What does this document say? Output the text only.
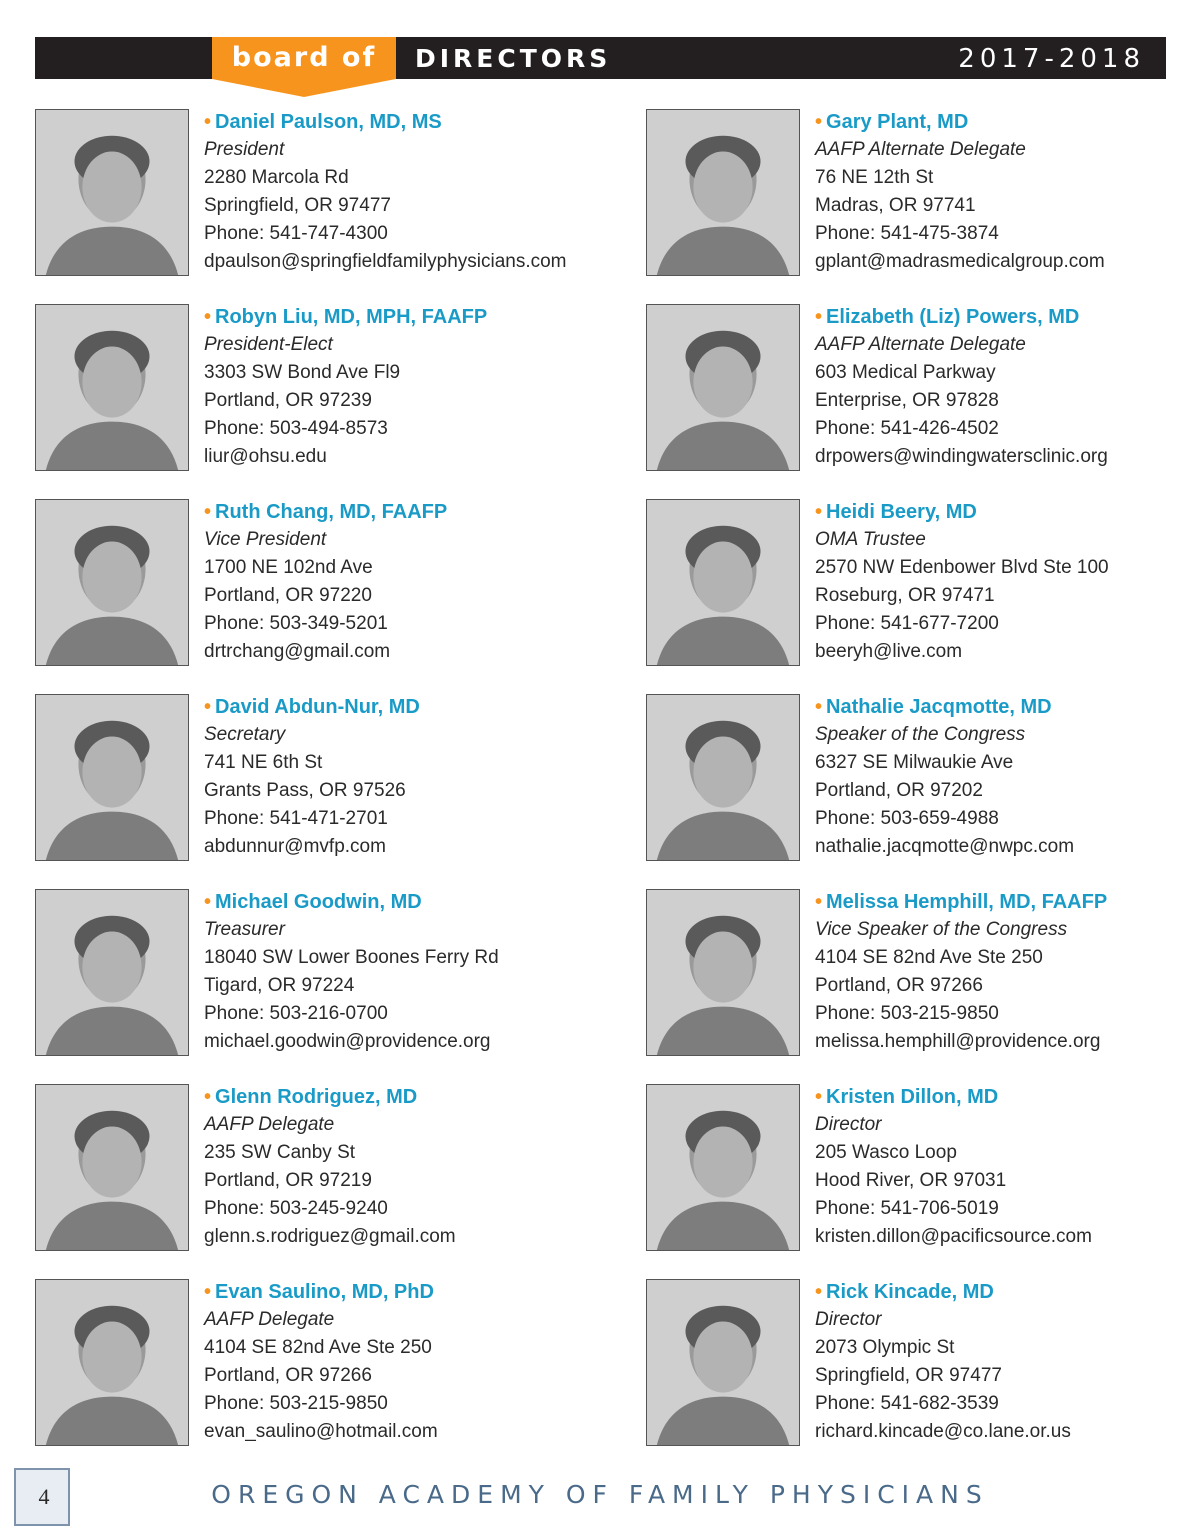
board of	DIRECTORS	2017-2018
• Daniel Paulson, MD, MS
President
2280 Marcola Rd
Springfield, OR 97477
Phone: 541-747-4300
dpaulson@springfieldfamilyphysicians.com
• Robyn Liu, MD, MPH, FAAFP
President-Elect
3303 SW Bond Ave Fl9
Portland, OR 97239
Phone: 503-494-8573
liur@ohsu.edu
• Ruth Chang, MD, FAAFP
Vice President
1700 NE 102nd Ave
Portland, OR 97220
Phone: 503-349-5201
drtrchang@gmail.com
• David Abdun-Nur, MD
Secretary
741 NE 6th St
Grants Pass, OR 97526
Phone: 541-471-2701
abdunnur@mvfp.com
• Michael Goodwin, MD
Treasurer
18040 SW Lower Boones Ferry Rd
Tigard, OR 97224
Phone: 503-216-0700
michael.goodwin@providence.org
• Glenn Rodriguez, MD
AAFP Delegate
235 SW Canby St
Portland, OR 97219
Phone: 503-245-9240
glenn.s.rodriguez@gmail.com
• Evan Saulino, MD, PhD
AAFP Delegate
4104 SE 82nd Ave Ste 250
Portland, OR 97266
Phone: 503-215-9850
evan_saulino@hotmail.com
• Gary Plant, MD
AAFP Alternate Delegate
76 NE 12th St
Madras, OR 97741
Phone: 541-475-3874
gplant@madrasmedicalgroup.com
• Elizabeth (Liz) Powers, MD
AAFP Alternate Delegate
603 Medical Parkway
Enterprise, OR 97828
Phone: 541-426-4502
drpowers@windingwatersclinic.org
• Heidi Beery, MD
OMA Trustee
2570 NW Edenbower Blvd Ste 100
Roseburg, OR 97471
Phone: 541-677-7200
beeryh@live.com
• Nathalie Jacqmotte, MD
Speaker of the Congress
6327 SE Milwaukie Ave
Portland, OR 97202
Phone: 503-659-4988
nathalie.jacqmotte@nwpc.com
• Melissa Hemphill, MD, FAAFP
Vice Speaker of the Congress
4104 SE 82nd Ave Ste 250
Portland, OR 97266
Phone: 503-215-9850
melissa.hemphill@providence.org
• Kristen Dillon, MD
Director
205 Wasco Loop
Hood River, OR 97031
Phone: 541-706-5019
kristen.dillon@pacificsource.com
• Rick Kincade, MD
Director
2073 Olympic St
Springfield, OR 97477
Phone: 541-682-3539
richard.kincade@co.lane.or.us
4	OREGON ACADEMY OF FAMILY PHYSICIANS
